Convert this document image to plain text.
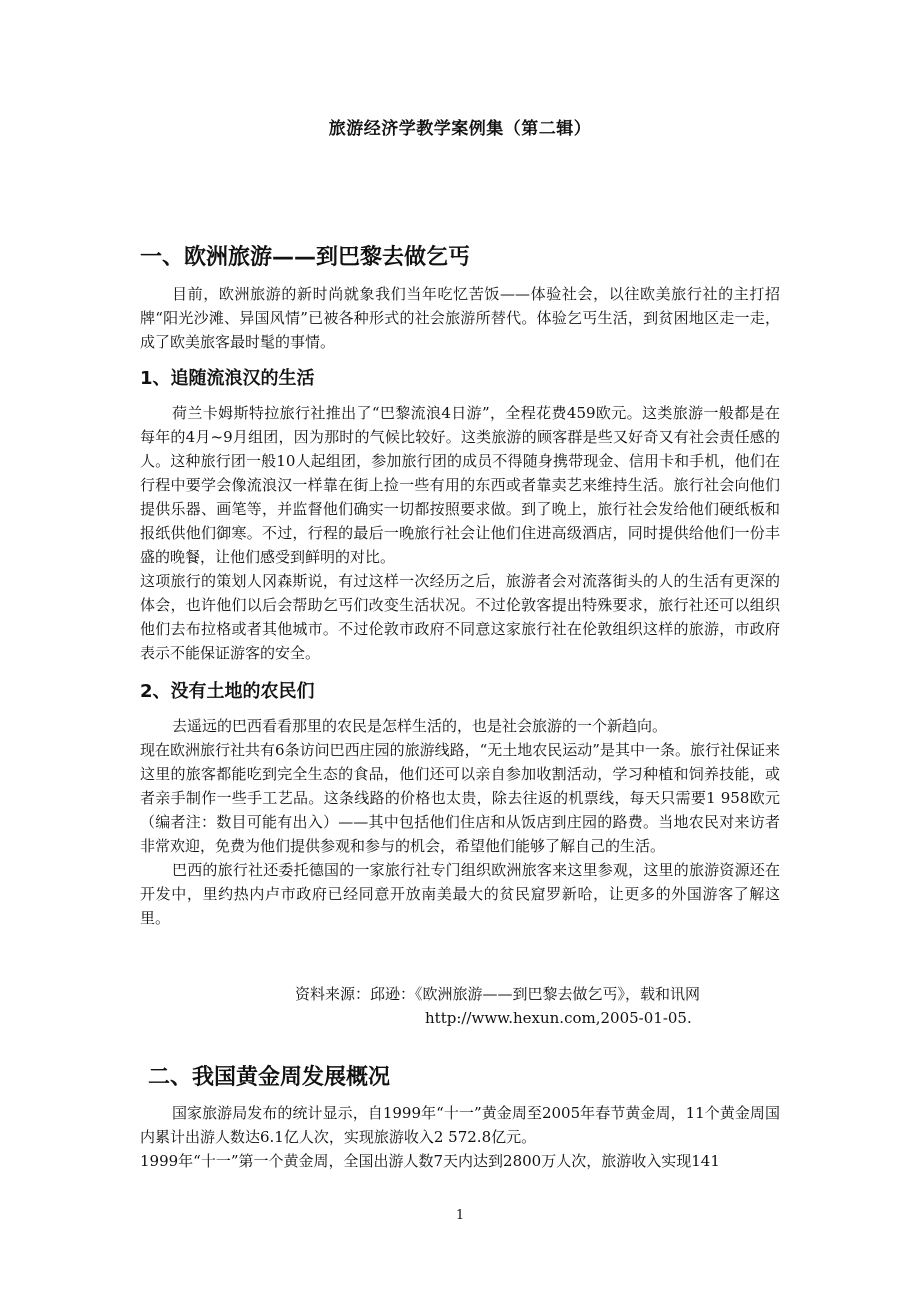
旅游经济学教学案例集（第二辑）
一、欧洲旅游——到巴黎去做乞丐

目前，欧洲旅游的新时尚就象我们当年吃忆苦饭——体验社会，以往欧美旅行社的主打招牌“阳光沙滩、异国风情”已被各种形式的社会旅游所替代。体验乞丐生活，到贫困地区走一走，成了欧美旅客最时髦的事情。

1、追随流浪汉的生活

荷兰卡姆斯特拉旅行社推出了“巴黎流浪4日游”，全程花费459欧元。这类旅游一般都是在每年的4月~9月组团，因为那时的气候比较好。这类旅游的顾客群是些又好奇又有社会责任感的人。这种旅行团一般10人起组团，参加旅行团的成员不得随身携带现金、信用卡和手机，他们在行程中要学会像流浪汉一样靠在街上捡一些有用的东西或者靠卖艺来维持生活。旅行社会向他们提供乐器、画笔等，并监督他们确实一切都按照要求做。到了晚上，旅行社会发给他们硬纸板和报纸供他们御寒。不过，行程的最后一晚旅行社会让他们住进高级酒店，同时提供给他们一份丰盛的晚餐，让他们感受到鲜明的对比。

这项旅行的策划人冈森斯说，有过这样一次经历之后，旅游者会对流落街头的人的生活有更深的体会，也许他们以后会帮助乞丐们改变生活状况。不过伦敦客提出特殊要求，旅行社还可以组织他们去布拉格或者其他城市。不过伦敦市政府不同意这家旅行社在伦敦组织这样的旅游，市政府表示不能保证游客的安全。

2、没有土地的农民们

去遥远的巴西看看那里的农民是怎样生活的，也是社会旅游的一个新趋向。

现在欧洲旅行社共有6条访问巴西庄园的旅游线路，“无土地农民运动”是其中一条。旅行社保证来这里的旅客都能吃到完全生态的食品，他们还可以亲自参加收割活动，学习种植和饲养技能，或者亲手制作一些手工艺品。这条线路的价格也太贵，除去往返的机票线，每天只需要1 958欧元（编者注：数目可能有出入）——其中包括他们住店和从饭店到庄园的路费。当地农民对来访者非常欢迎，免费为他们提供参观和参与的机会，希望他们能够了解自己的生活。

巴西的旅行社还委托德国的一家旅行社专门组织欧洲旅客来这里参观，这里的旅游资源还在开发中，里约热内卢市政府已经同意开放南美最大的贫民窟罗新哈，让更多的外国游客了解这里。

资料来源：邱逊：《欧洲旅游——到巴黎去做乞丐》，载和讯网
http://www.hexun.com,2005-01-05.
二、我国黄金周发展概况

国家旅游局发布的统计显示，自1999年“十一”黄金周至2005年春节黄金周，11个黄金周国内累计出游人数达6.1亿人次，实现旅游收入2 572.8亿元。

1999年“十一”第一个黄金周，全国出游人数7天内达到2800万人次，旅游收入实现141

1
